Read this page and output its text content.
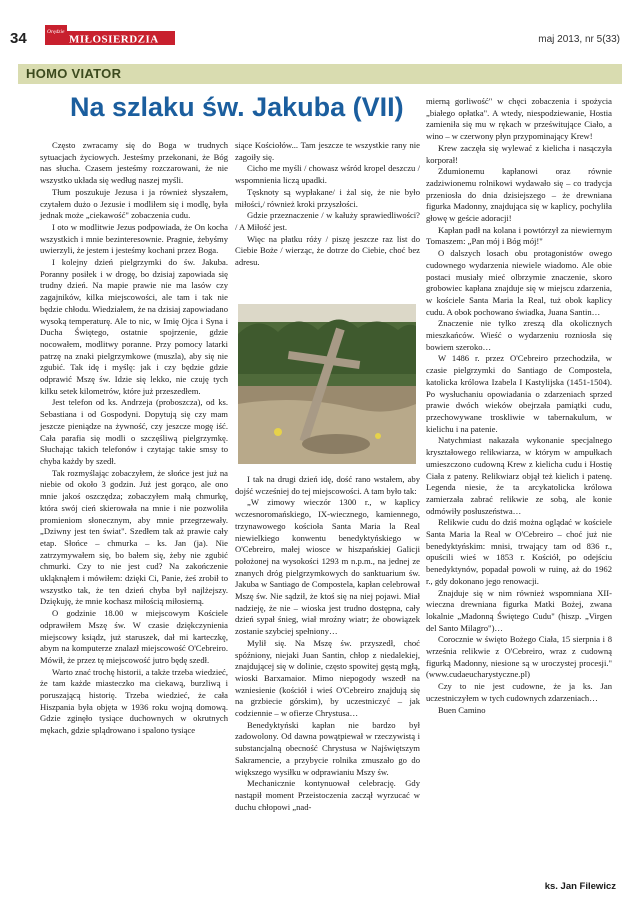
34	Orędzie
MIŁOSIERDZIA	maj 2013, nr 5(33)
HOMO VIATOR
Na szlaku św. Jakuba (VII)

Często zwracamy się do Boga w trudnych sytuacjach życiowych. Jesteśmy przekonani, że Bóg nas słucha. Czasem jesteśmy rozczarowani, że nie wszystko układa się według naszej myśli.

Tłum poszukuje Jezusa i ja również słyszałem, czytałem dużo o Jezusie i modliłem się i modlę, była jednak może „ciekawość" zobaczenia cudu.

I oto w modlitwie Jezus podpowiada, że On kocha wszystkich i mnie bezinteresownie. Pragnie, żebyśmy uwierzyli, że jestem i jesteśmy kochani przez Boga.

I kolejny dzień pielgrzymki do św. Jakuba. Poranny posiłek i w drogę, bo dzisiaj zapowiada się trudny dzień. Na mapie prawie nie ma lasów czy zagajników, kilka miejscowości, ale tam i tak nie będzie chłodu. Wiedziałem, że na dzisiaj zapowiadano wysoką temperaturę. Ale to nic, w Imię Ojca i Syna i Ducha Świętego, ostatnie spojrzenie, gdzie nocowałem, modlitwy poranne. Przy pomocy latarki patrzę na znaki pielgrzymkowe (muszla), aby się nie zgubić. Tak idę i myślę: jak i czy będzie gdzie odprawić Mszę św. Idzie się lekko, nie czuję tych kilku setek kilometrów, które już przeszedłem.

Jest telefon od ks. Andrzeja (proboszcza), od ks. Sebastiana i od Gospodyni. Dopytują się czy mam jeszcze pieniądze na żywność, czy jeszcze mogę iść. Cała parafia się modli o szczęśliwą pielgrzymkę. Słuchając takich telefonów i czytając takie smsy to chyba każdy by szedł.

Tak rozmyślając zobaczyłem, że słońce jest już na niebie od około 3 godzin. Już jest gorąco, ale ono mnie jakoś oszczędza; zobaczyłem małą chmurkę, która swój cień skierowała na mnie i nie pozwoliła promieniom słonecznym, aby mnie przegrzewały. „Dziwny jest ten świat". Szedłem tak aż prawie cały etap. Słońce – chmurka – ks. Jan (ja). Nie zatrzymywałem się, bo bałem się, żeby nie zgubić chmurki. Czy to nie jest cud? Na zakończenie ukląknąłem i mówiłem: dzięki Ci, Panie, żeś zrobił to wszystko tak, że ten dzień chyba był najlżejszy. Dziękuję, że mnie kochasz miłością miłosierną.

O godzinie 18.00 w miejscowym Kościele odprawiłem Mszę św. W czasie dziękczynienia miejscowy ksiądz, już staruszek, dał mi karteczkę, abym na komputerze znalazł miejscowość O'Cebreiro. Mówił, że przez tę miejscowość jutro będę szedł.

Warto znać trochę historii, a także trzeba wiedzieć, że tam każde miasteczko ma ciekawą, burzliwą i poruszającą historię. Trzeba wiedzieć, że cała Hiszpania była objęta w 1936 roku wojną domową. Gdzie zginęło tysiące duchownych w okrutnych mękach, gdzie splądrowano i spalono tysiące

siące Kościołów... Tam jeszcze te wszystkie rany nie zagoiły się.

Cicho me myśli / chowasz wśród kropel deszczu / wspomnienia liczą upadki.

Tęsknoty są wypłakane/ i żal się, że nie było miłości,/ również kroki przyszłości.

Gdzie przeznaczenie / w kałuży sprawiedliwości? / A Miłość jest.

Więc na płatku róży / piszę jeszcze raz list do Ciebie Boże / wierząc, że dotrze do Ciebie, choć bez adresu.

I tak na drugi dzień idę, dość rano wstałem, aby dojść wcześniej do tej miejscowości. A tam było tak:

„W zimowy wieczór 1300 r., w kaplicy wczesnoromańskiego, IX-wiecznego, kamiennego, trzynawowego kościoła Santa Maria la Real niewielkiego konwentu benedyktyńskiego w O'Cebreiro, małej wiosce w hiszpańskiej Galicji położonej na wysokości 1293 m n.p.m., na jednej ze znanych dróg pielgrzymkowych do sanktuarium św. Jakuba w Santiago de Compostela, kapłan celebrował Mszę św. Nie sądził, że ktoś się na niej pojawi. Miał nadzieję, że nie – wioska jest trudno dostępna, cały dzień sypał śnieg, wiał mroźny wiatr; że obowiązek zostanie szybciej spełniony…

Mylił się. Na Mszę św. przyszedł, choć spóźniony, niejaki Juan Santin, chłop z niedalekiej, znajdującej się w dolinie, często spowitej gęstą mgłą, wioski Barxamaior. Mimo niepogody wszedł na wzniesienie (kościół i wieś O'Cebreiro znajdują się na grzbiecie górskim), by uczestniczyć – jak codziennie – w ofierze Chrystusa…

Benedyktyński kapłan nie bardzo był zadowolony. Od dawna powątpiewał w rzeczywistą i substancjalną obecność Chrystusa w Najświętszym Sakramencie, a przybycie rolnika zmuszało go do większego wysiłku w odprawianiu Mszy św.

Mechanicznie kontynuował celebrację. Gdy nastąpił moment Przeistoczenia zaczął wyrzucać w duchu chłopowi „nad-

mierną gorliwość" w chęci zobaczenia i spożycia „białego opłatka". A wtedy, niespodziewanie, Hostia zamieniła się mu w rękach w prześwitujące Ciało, a wino – w czerwony płyn przypominający Krew!

Krew zaczęła się wylewać z kielicha i nasączyła korporał!

Zdumionemu kapłanowi oraz równie zadziwionemu rolnikowi wydawało się – co tradycja przeniosła do dnia dzisiejszego – że drewniana figurka Madonny, znajdująca się w kaplicy, pochyliła głowę w geście adoracji!

Kapłan padł na kolana i powtórzył za niewiernym Tomaszem: „Pan mój i Bóg mój!"

O dalszych losach obu protagonistów owego cudownego wydarzenia niewiele wiadomo. Ale obie postaci musiały mieć olbrzymie znaczenie, skoro grobowiec kapłana znajduje się w miejscu zdarzenia, w kościele Santa Maria la Real, tuż obok kaplicy cudu. A obok pochowano świadka, Juana Santin…

Znaczenie nie tylko zreszą dla okolicznych mieszkańców. Wieść o wydarzeniu rozniosła się bowiem szeroko…

W 1486 r. przez O'Cebreiro przechodziła, w czasie pielgrzymki do Santiago de Compostela, katolicka królowa Izabela I Kastylijska (1451-1504). Po wysłuchaniu opowiadania o zdarzeniach sprzed prawie dwóch wieków obejrzała pamiątki cudu, przechowywane troskliwie w tabernakulum, w kielichu i na patenie.

Natychmiast nakazała wykonanie specjalnego kryształowego relikwiarza, w którym w ampułkach umieszczono cudowną Krew z kielicha cudu i Hostię Ciała z pateny. Relikwiarz objął też kielich i patenę. Legenda niesie, że ta arcykatolicka królowa zamierzała zabrać relikwie ze sobą, ale konie odmówiły posłuszeństwa…

Relikwie cudu do dziś można oglądać w kościele Santa Maria la Real w O'Cebreiro – choć już nie benedyktyńskim: mnisi, trwający tam od 836 r., opuścili wieś w 1853 r. Kościół, po odejściu benedyktynów, popadał powoli w ruinę, aż do 1962 r., gdy dokonano jego renowacji.

Znajduje się w nim również wspomniana XII-wieczna drewniana figurka Matki Bożej, zwana lokalnie „Madonną Świętego Cudu" (hiszp. „Virgen del Santo Milagro")…

Corocznie w święto Bożego Ciała, 15 sierpnia i 8 września relikwie z O'Cebreiro, wraz z cudowną figurką Madonny, niesione są w uroczystej procesji." (www.cudaeucharystyczne.pl)

Czy to nie jest cudowne, że ja ks. Jan uczestniczyłem w tych cudownych zdarzeniach…

Buen Camino

ks. Jan Filewicz
